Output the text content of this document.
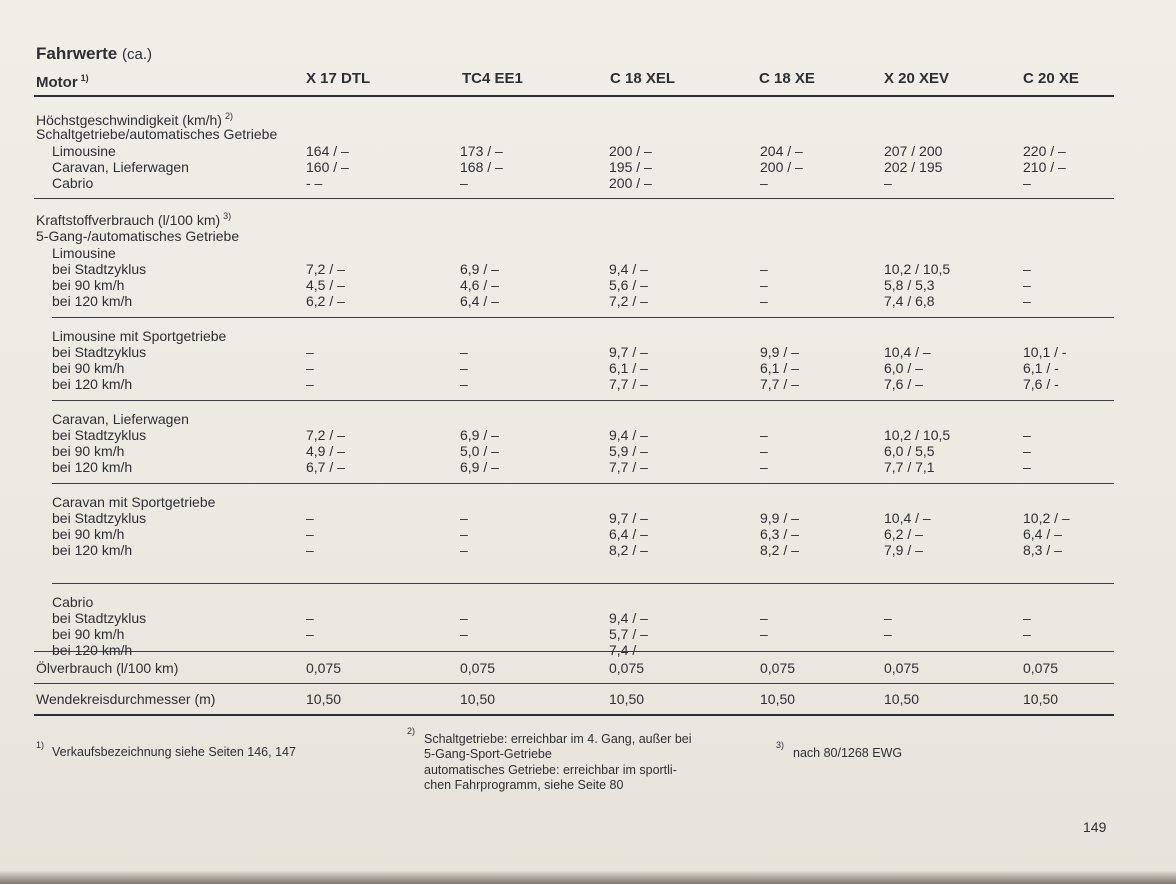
Fahrwerte (ca.)
Motor $^{1)}$	X 17 DTL	TC4 EE1	C 18 XEL	C 18 XE	X 20 XEV	C 20 XE
Höchstgeschwindigkeit (km/h) $^{2)}$
Schaltgetriebe/automatisches Getriebe
Limousine	164 / –	173 / –	200 / –	204 / –	207 / 200	220 / –
Caravan, Lieferwagen	160 / –	168 / –	195 / –	200 / –	202 / 195	210 / –
Cabrio	- –	–	200 / –	–	–	–
Kraftstoffverbrauch (l/100 km) $^{3)}$
5-Gang-/automatisches Getriebe
Limousine
bei Stadtzyklus	7,2 / –	6,9 / –	9,4 / –	–	10,2 / 10,5	–
bei 90 km/h	4,5 / –	4,6 / –	5,6 / –	–	5,8 / 5,3	–
bei 120 km/h	6,2 / –	6,4 / –	7,2 / –	–	7,4 / 6,8	–
Limousine mit Sportgetriebe
bei Stadtzyklus	–	–	9,7 / –	9,9 / –	10,4 / –	10,1 / -
bei 90 km/h	–	–	6,1 / –	6,1 / –	6,0 / –	6,1 / -
bei 120 km/h	–	–	7,7 / –	7,7 / –	7,6 / –	7,6 / -
Caravan, Lieferwagen
bei Stadtzyklus	7,2 / –	6,9 / –	9,4 / –	–	10,2 / 10,5	–
bei 90 km/h	4,9 / –	5,0 / –	5,9 / –	–	6,0 / 5,5	–
bei 120 km/h	6,7 / –	6,9 / –	7,7 / –	–	7,7 / 7,1	–
Caravan mit Sportgetriebe
bei Stadtzyklus	–	–	9,7 / –	9,9 / –	10,4 / –	10,2 / –
bei 90 km/h	–	–	6,4 / –	6,3 / –	6,2 / –	6,4 / –
bei 120 km/h	–	–	8,2 / –	8,2 / –	7,9 / –	8,3 / –
Cabrio
bei Stadtzyklus	–	–	9,4 / –	–	–	–
bei 90 km/h	–	–	5,7 / –	–	–	–
bei 120 km/h	–	–	7,4 / –	–	–	–
Ölverbrauch (l/100 km)	0,075	0,075	0,075	0,075	0,075	0,075
Wendekreisdurchmesser (m)	10,50	10,50	10,50	10,50	10,50	10,50
1) Verkaufsbezeichnung siehe Seiten 146, 147
2)
Schaltgetriebe: erreichbar im 4. Gang, außer bei
5-Gang-Sport-Getriebe
automatisches Getriebe: erreichbar im sportli-
chen Fahrprogramm, siehe Seite 80
3)
nach 80/1268 EWG
149
